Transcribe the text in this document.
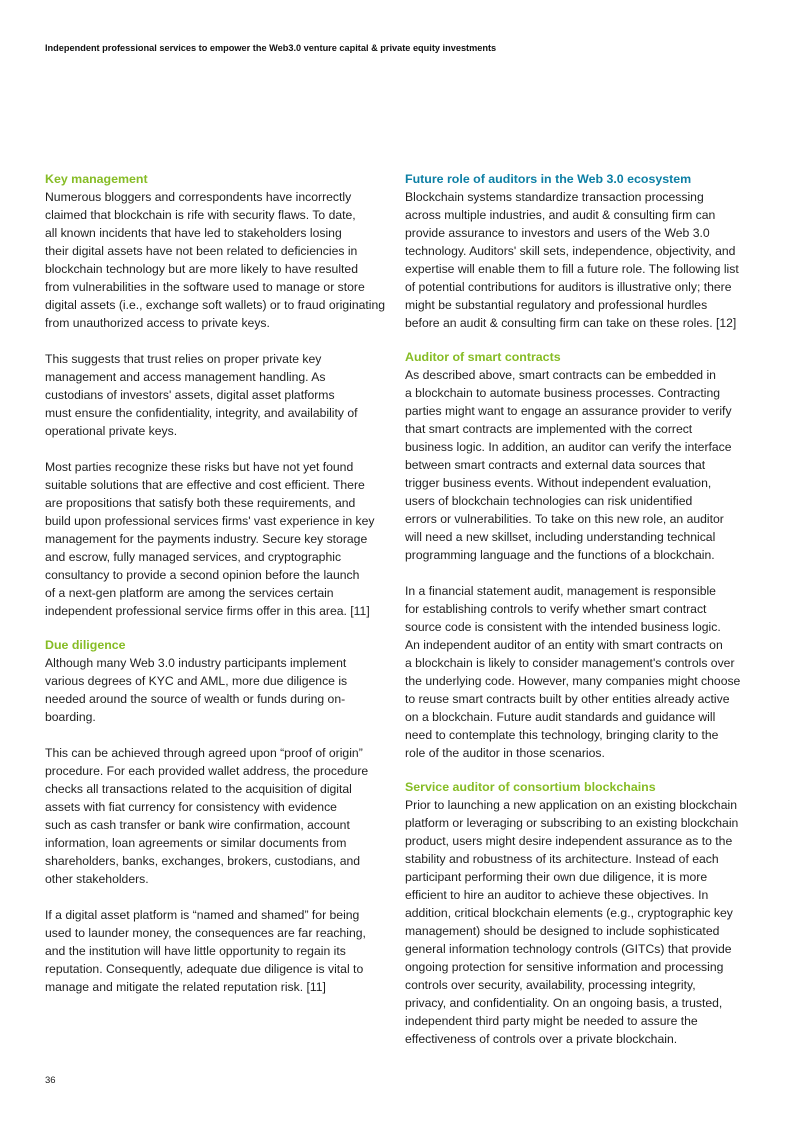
Independent professional services to empower the Web3.0 venture capital & private equity investments
Key management

Numerous bloggers and correspondents have incorrectly
claimed that blockchain is rife with security flaws. To date,
all known incidents that have led to stakeholders losing
their digital assets have not been related to deficiencies in
blockchain technology but are more likely to have resulted
from vulnerabilities in the software used to manage or store
digital assets (i.e., exchange soft wallets) or to fraud originating
from unauthorized access to private keys.

This suggests that trust relies on proper private key
management and access management handling. As
custodians of investors' assets, digital asset platforms
must ensure the confidentiality, integrity, and availability of
operational private keys.

Most parties recognize these risks but have not yet found
suitable solutions that are effective and cost efficient. There
are propositions that satisfy both these requirements, and
build upon professional services firms' vast experience in key
management for the payments industry. Secure key storage
and escrow, fully managed services, and cryptographic
consultancy to provide a second opinion before the launch
of a next-gen platform are among the services certain
independent professional service firms offer in this area. [11]

Due diligence

Although many Web 3.0 industry participants implement
various degrees of KYC and AML, more due diligence is
needed around the source of wealth or funds during on-
boarding.

This can be achieved through agreed upon “proof of origin”
procedure. For each provided wallet address, the procedure
checks all transactions related to the acquisition of digital
assets with fiat currency for consistency with evidence
such as cash transfer or bank wire confirmation, account
information, loan agreements or similar documents from
shareholders, banks, exchanges, brokers, custodians, and
other stakeholders.

If a digital asset platform is “named and shamed” for being
used to launder money, the consequences are far reaching,
and the institution will have little opportunity to regain its
reputation. Consequently, adequate due diligence is vital to
manage and mitigate the related reputation risk. [11]

Future role of auditors in the Web 3.0 ecosystem

Blockchain systems standardize transaction processing
across multiple industries, and audit & consulting firm can
provide assurance to investors and users of the Web 3.0
technology. Auditors' skill sets, independence, objectivity, and
expertise will enable them to fill a future role. The following list
of potential contributions for auditors is illustrative only; there
might be substantial regulatory and professional hurdles
before an audit & consulting firm can take on these roles. [12]

Auditor of smart contracts

As described above, smart contracts can be embedded in
a blockchain to automate business processes. Contracting
parties might want to engage an assurance provider to verify
that smart contracts are implemented with the correct
business logic. In addition, an auditor can verify the interface
between smart contracts and external data sources that
trigger business events. Without independent evaluation,
users of blockchain technologies can risk unidentified
errors or vulnerabilities. To take on this new role, an auditor
will need a new skillset, including understanding technical
programming language and the functions of a blockchain.

In a financial statement audit, management is responsible
for establishing controls to verify whether smart contract
source code is consistent with the intended business logic.
An independent auditor of an entity with smart contracts on
a blockchain is likely to consider management's controls over
the underlying code. However, many companies might choose
to reuse smart contracts built by other entities already active
on a blockchain. Future audit standards and guidance will
need to contemplate this technology, bringing clarity to the
role of the auditor in those scenarios.

Service auditor of consortium blockchains

Prior to launching a new application on an existing blockchain
platform or leveraging or subscribing to an existing blockchain
product, users might desire independent assurance as to the
stability and robustness of its architecture. Instead of each
participant performing their own due diligence, it is more
efficient to hire an auditor to achieve these objectives. In
addition, critical blockchain elements (e.g., cryptographic key
management) should be designed to include sophisticated
general information technology controls (GITCs) that provide
ongoing protection for sensitive information and processing
controls over security, availability, processing integrity,
privacy, and confidentiality. On an ongoing basis, a trusted,
independent third party might be needed to assure the
effectiveness of controls over a private blockchain.

36
